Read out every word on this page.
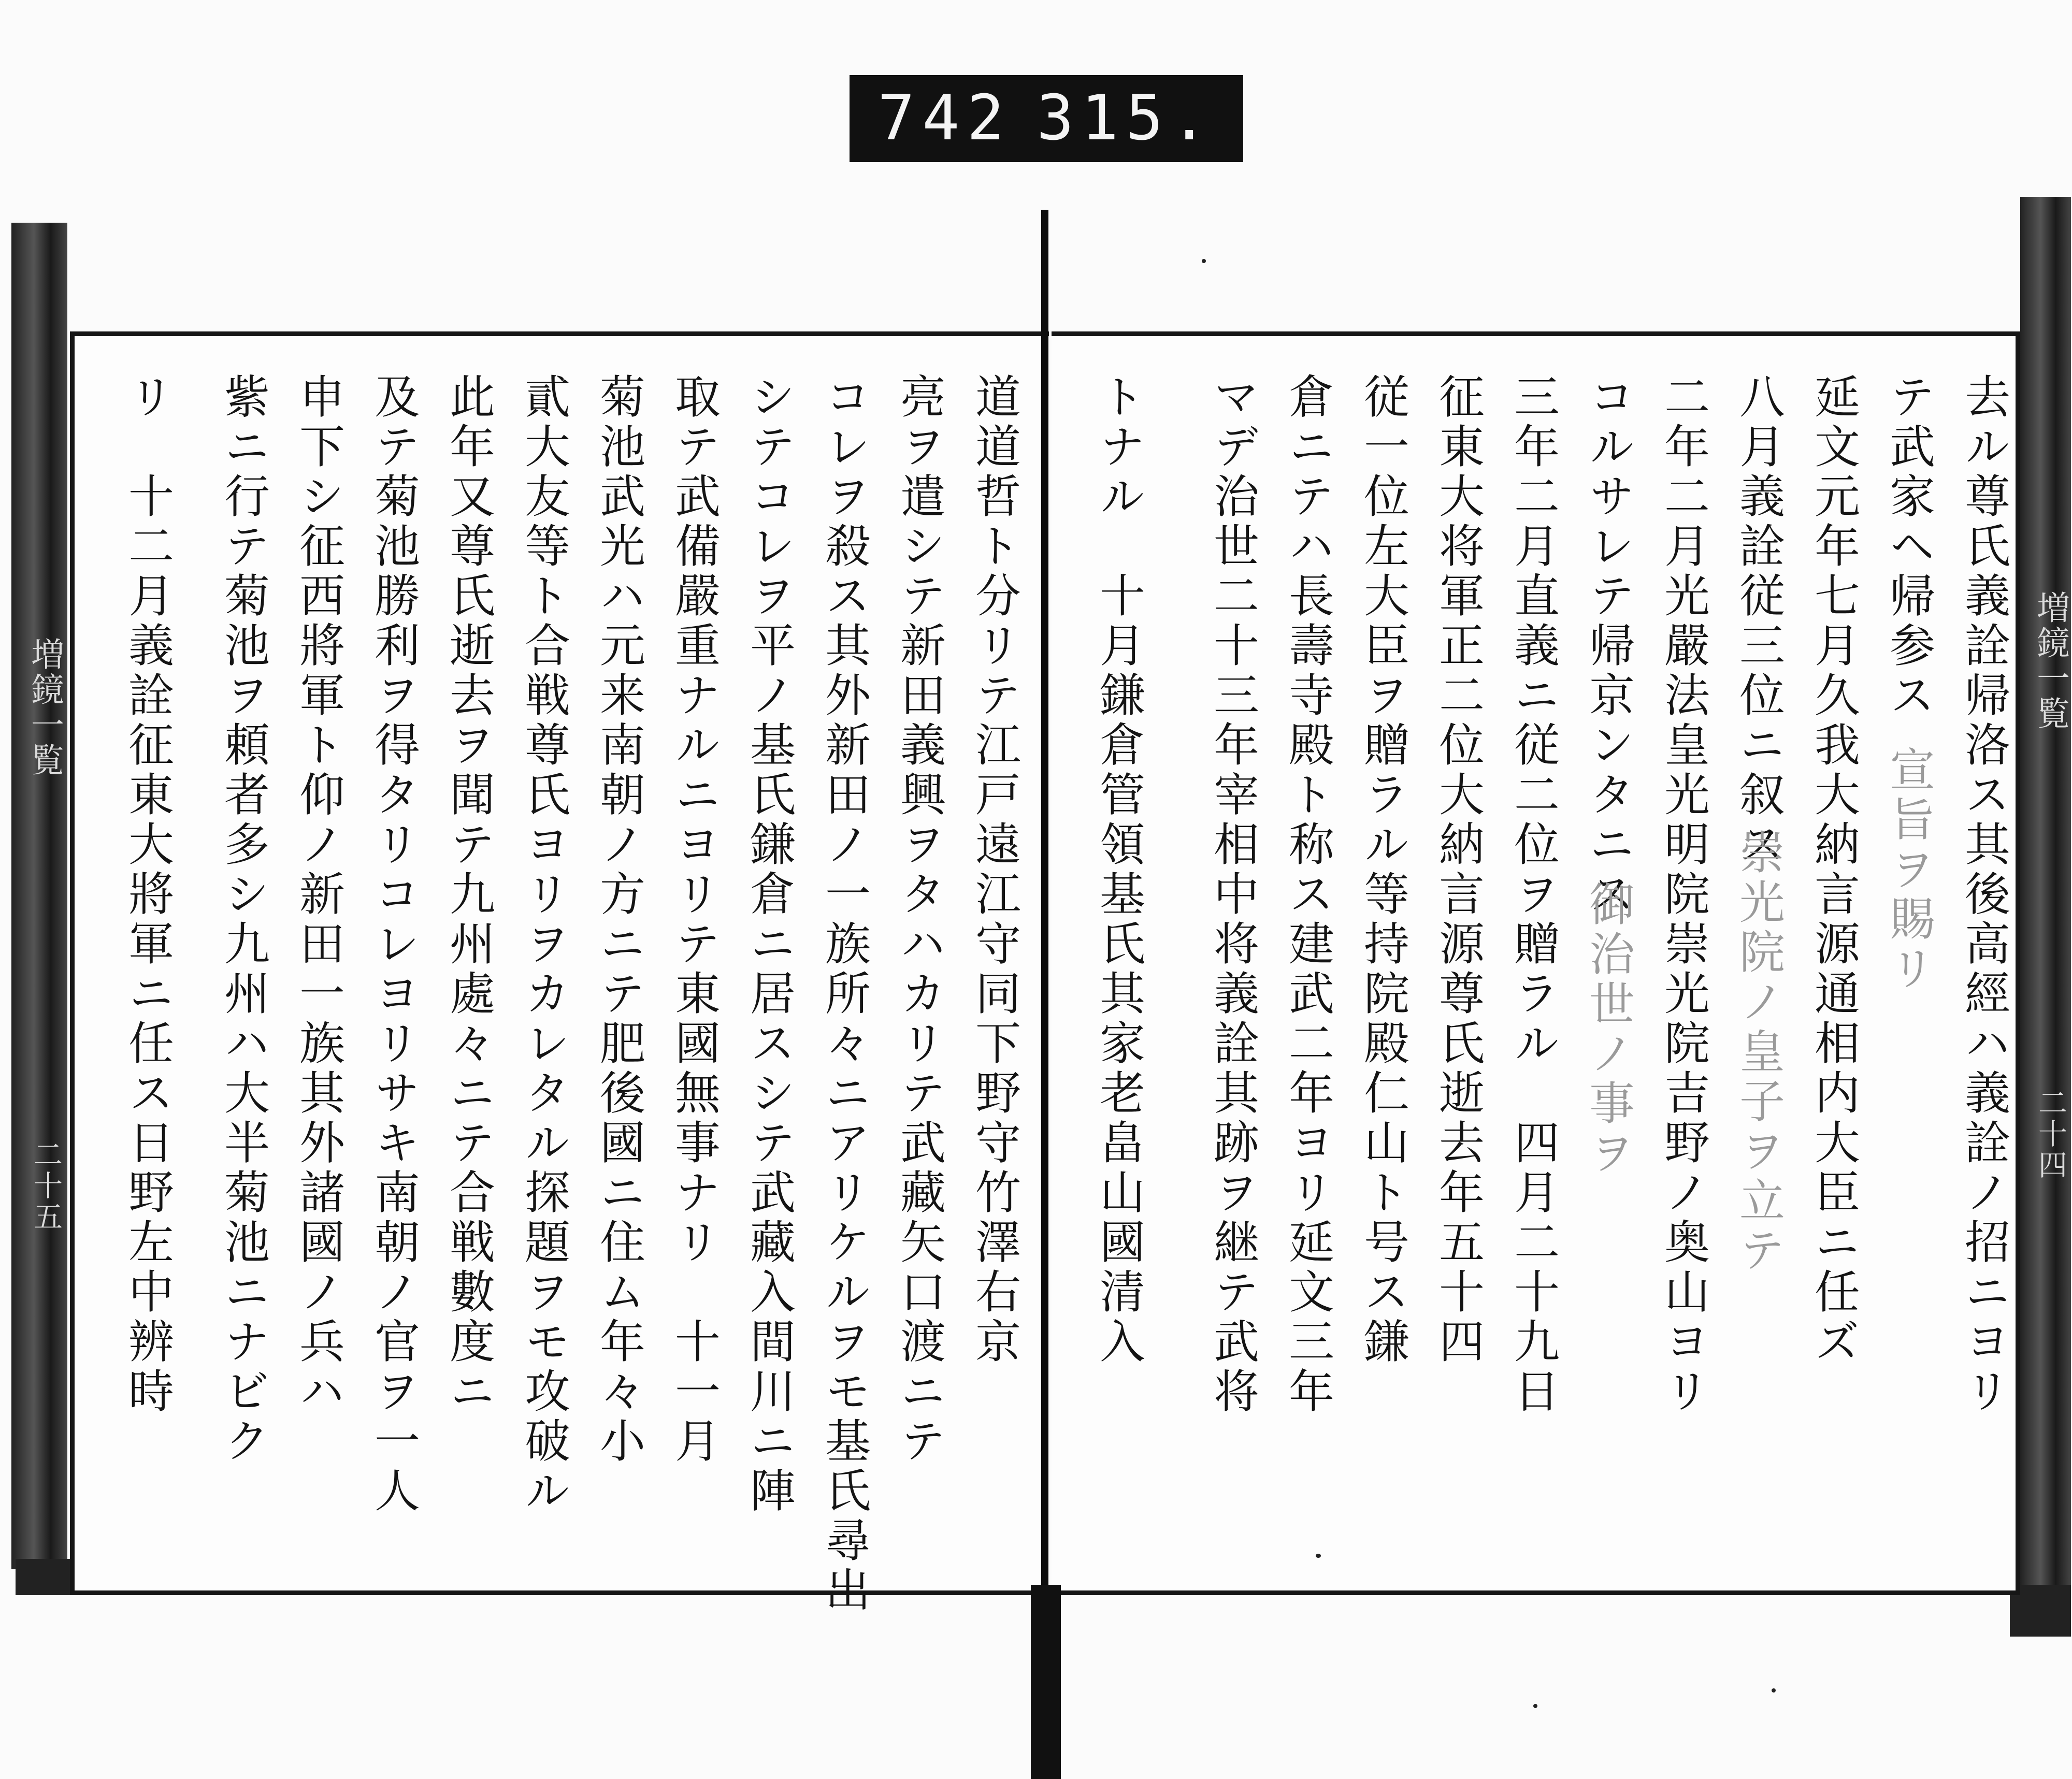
742 315.
増鏡一覧
二十四
増鏡一覧
二十五	去ル尊氏義詮帰洛ス其後高經ハ義詮ノ招ニヨリ
テ武家ヘ帰参ス
宣旨ヲ賜リ
延文元年七月久我大納言源通相内大臣ニ任ズ
八月義詮従三位ニ叙ス
崇光院ノ皇子ヲ立テ
二年二月光嚴法皇光明院崇光院吉野ノ奥山ヨリ
コルサレテ帰京ンタニス
御治世ノ事ヲ
三年二月直義ニ従二位ヲ贈ラル　四月二十九日
征東大将軍正二位大納言源尊氏逝去年五十四
従一位左大臣ヲ贈ラル等持院殿仁山ト号ス鎌
倉ニテハ長壽寺殿ト称ス建武二年ヨリ延文三年
マデ治世二十三年宰相中将義詮其跡ヲ継テ武将
トナル　十月鎌倉管領基氏其家老畠山國清入
道道哲ト分リテ江戸遠江守同下野守竹澤右京
亮ヲ遣シテ新田義興ヲタハカリテ武藏矢口渡ニテ
コレヲ殺ス其外新田ノ一族所々ニアリケルヲモ基氏尋出
シテコレヲ平ノ基氏鎌倉ニ居スシテ武藏入間川ニ陣
取テ武備嚴重ナルニヨリテ東國無事ナリ　十一月
菊池武光ハ元来南朝ノ方ニテ肥後國ニ住ム年々小
貳大友等ト合戦尊氏ヨリヲカレタル探題ヲモ攻破ル
此年又尊氏逝去ヲ聞テ九州處々ニテ合戦數度ニ
及テ菊池勝利ヲ得タリコレヨリサキ南朝ノ官ヲ一人
申下シ征西將軍ト仰ノ新田一族其外諸國ノ兵ハ
紫ニ行テ菊池ヲ頼者多シ九州ハ大半菊池ニナビク
リ　十二月義詮征東大將軍ニ任ス日野左中辨時
